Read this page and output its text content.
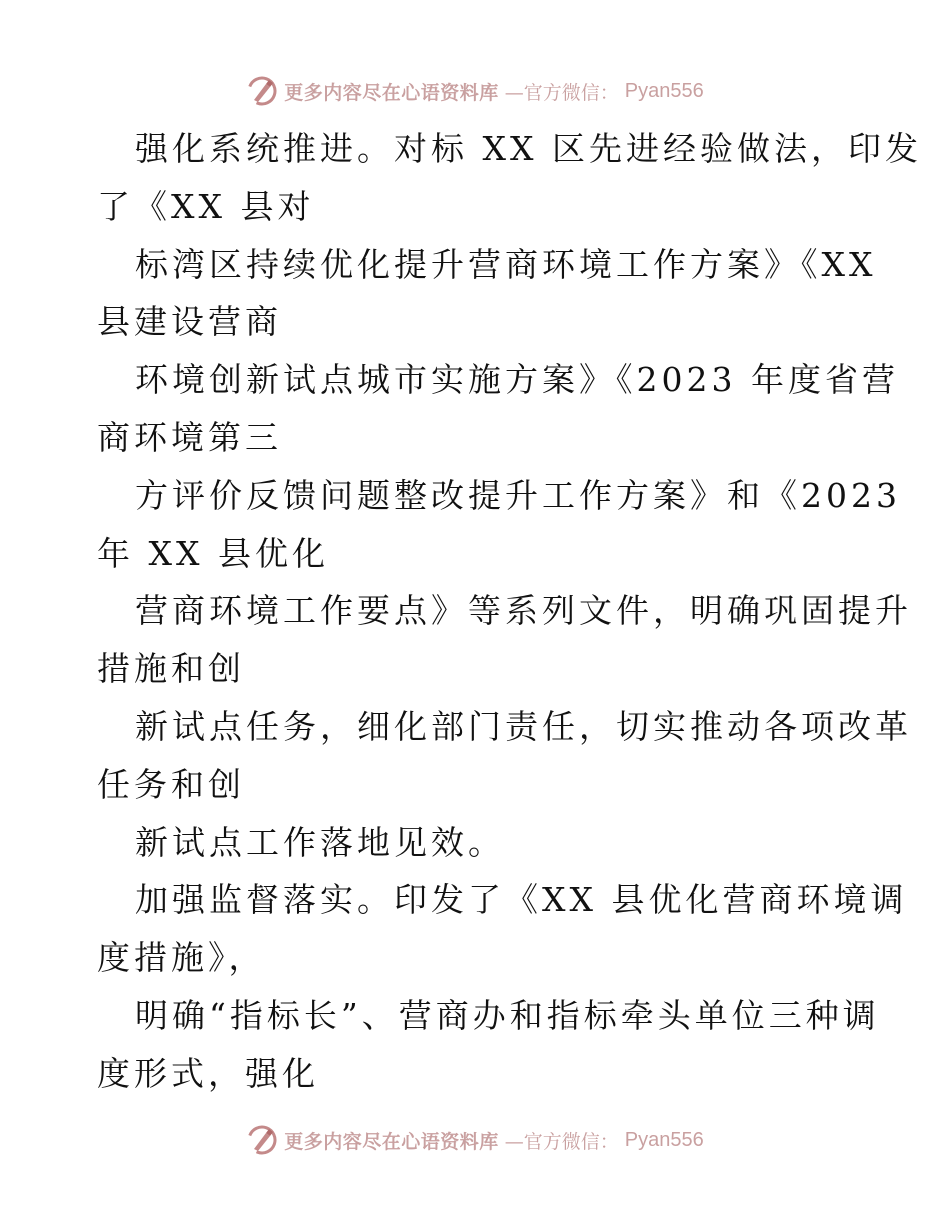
更多内容尽在心语资料库 —官方微信： Pyan556
强化系统推进。对标 XX 区先进经验做法，印发
了《XX 县对
标湾区持续优化提升营商环境工作方案》《XX
县建设营商
环境创新试点城市实施方案》《2023 年度省营
商环境第三
方评价反馈问题整改提升工作方案》和《2023
年 XX 县优化
营商环境工作要点》等系列文件，明确巩固提升
措施和创
新试点任务，细化部门责任，切实推动各项改革
任务和创
新试点工作落地见效。
加强监督落实。印发了《XX 县优化营商环境调
度措施》，
明确“指标长”、营商办和指标牵头单位三种调
度形式，强化
更多内容尽在心语资料库 —官方微信： Pyan556
